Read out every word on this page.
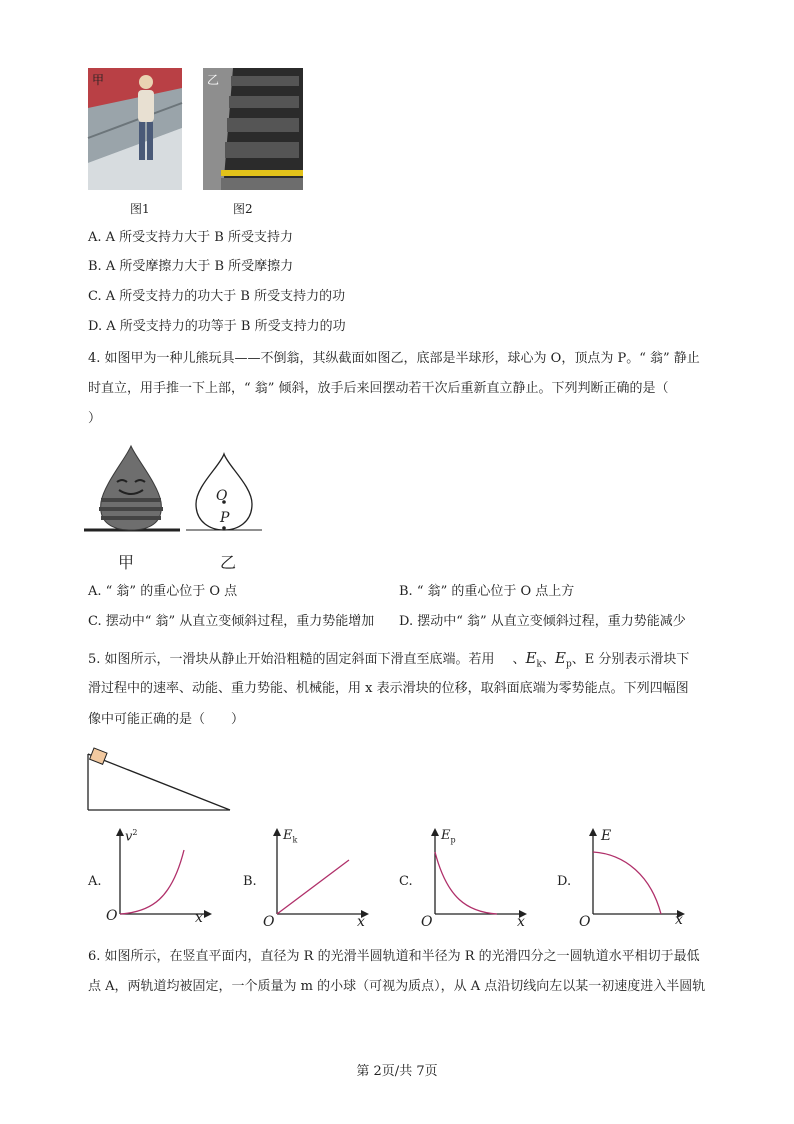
甲	乙
图1	图2
A. A 所受支持力大于 B 所受支持力
B. A 所受摩擦力大于 B 所受摩擦力
C. A 所受支持力的功大于 B 所受支持力的功
D. A 所受支持力的功等于 B 所受支持力的功
4. 如图甲为一种儿熊玩具——不倒翁，其纵截面如图乙，底部是半球形，球心为 O，顶点为 P。“ 翁” 静止
时直立，用手推一下上部，“ 翁” 倾斜，放手后来回摆动若干次后重新直立静止。下列判断正确的是（
）
甲
O
P
乙
A. “ 翁” 的重心位于 O 点	B. “ 翁” 的重心位于 O 点上方
C. 摆动中“ 翁” 从直立变倾斜过程，重力势能增加 D. 摆动中“ 翁” 从直立变倾斜过程，重力势能减少
5. 如图所示，一滑块从静止开始沿粗糙的固定斜面下滑直至底端。若用 、$E_k$、$E_p$、E 分别表示滑块下
滑过程中的速率、动能、重力势能、机械能，用 x 表示滑块的位移，取斜面底端为零势能点。下列四幅图
像中可能正确的是（　　）
A.
$v^2$
O	x
B.
$E_k$
O	x
C.
$E_p$
O	x
D.
E
O	x
6. 如图所示，在竖直平面内，直径为 R 的光滑半圆轨道和半径为 R 的光滑四分之一圆轨道水平相切于最低
点 A，两轨道均被固定，一个质量为 m 的小球（可视为质点），从 A 点沿切线向左以某一初速度进入半圆轨
第 2页/共 7页
